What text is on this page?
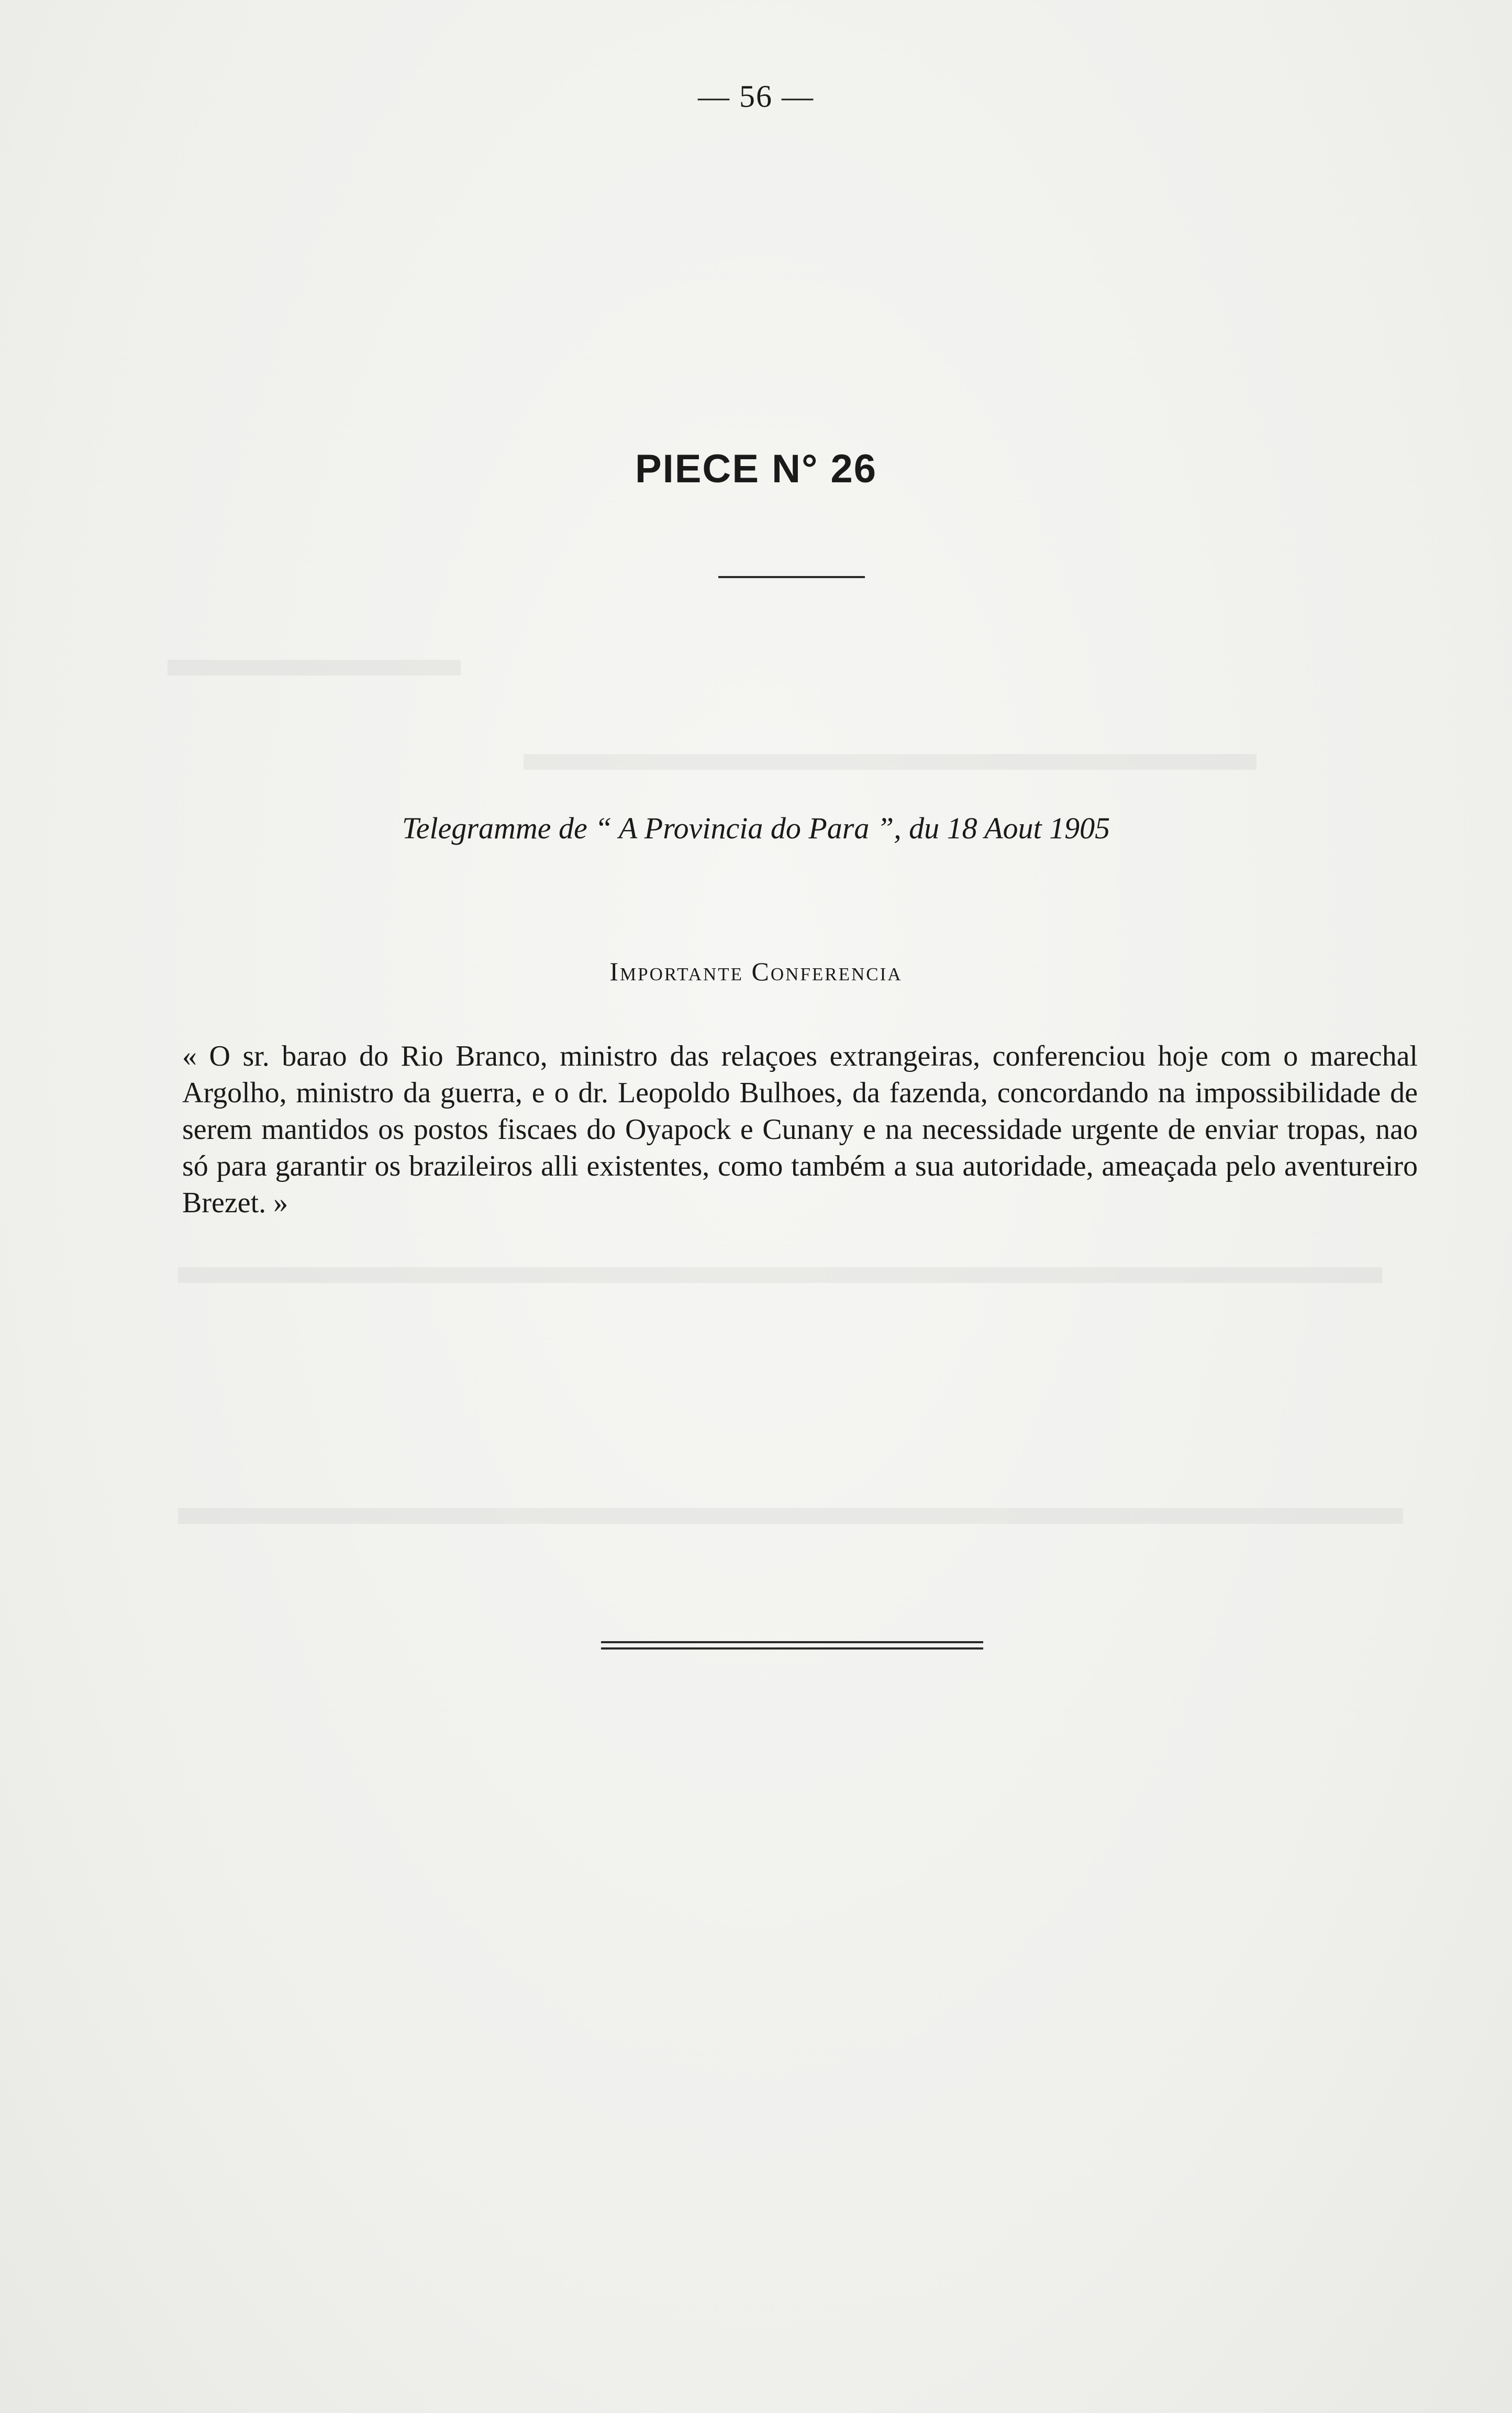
— 56 —
PIECE N° 26
Telegramme de “ A Provincia do Para ”, du 18 Aout 1905
Importante Conferencia

« O sr. barao do Rio Branco, ministro das relaçoes extrangeiras, conferenciou hoje com o marechal Argolho, ministro da guerra, e o dr. Leopoldo Bulhoes, da fazenda, concordando na impossibilidade de serem mantidos os postos fiscaes do Oyapock e Cunany e na necessidade urgente de enviar tropas, nao só para garantir os brazileiros alli existentes, como também a sua autoridade, ameaçada pelo aventureiro Brezet. »
